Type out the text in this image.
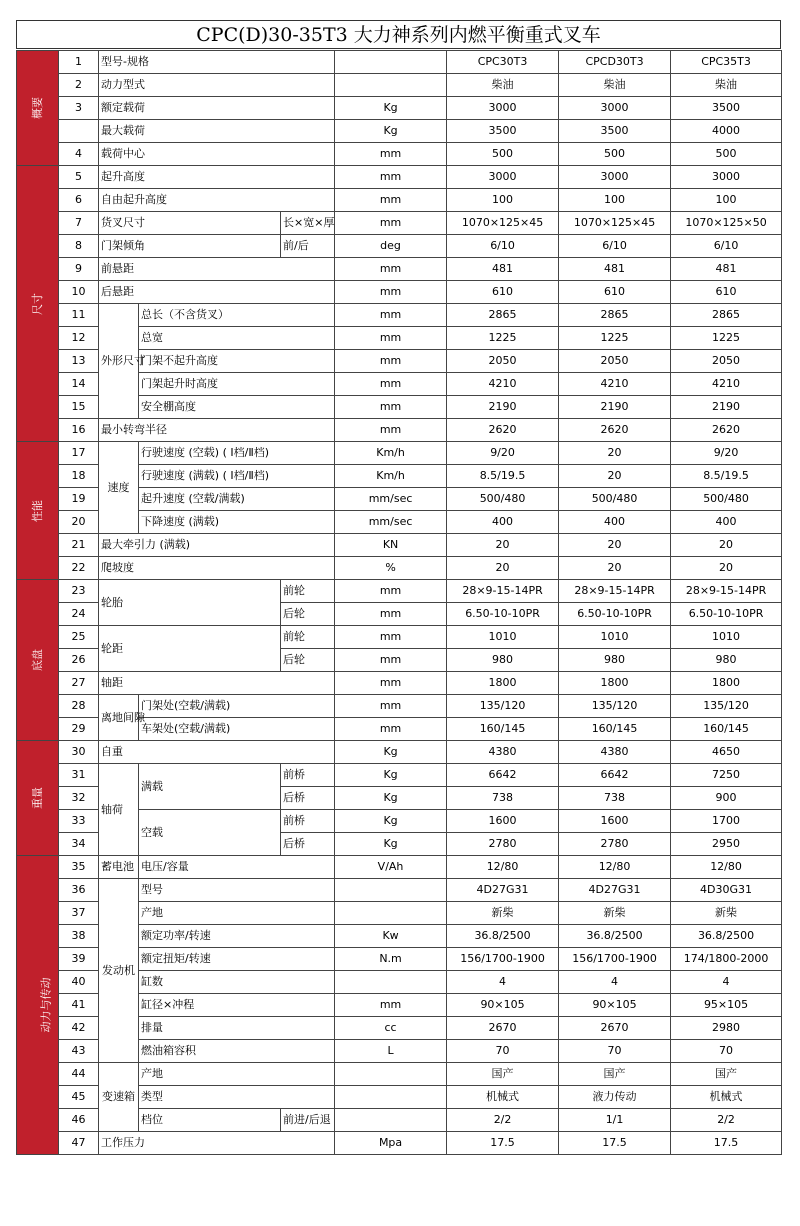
CPC(D)30-35T3 大力神系列内燃平衡重式叉车
概要	1	型号-规格				CPC30T3	CPCD30T3	CPC35T3	
	2	动力型式				柴油	柴油	柴油	
	3	额定载荷			Kg	3000	3000	3500	
		最大载荷			Kg	3500	3500	4000	
	4	载荷中心			mm	500	500	500	
尺寸	5	起升高度			mm	3000	3000	3000	
	6	自由起升高度			mm	100	100	100	
	7	货叉尺寸		长×宽×厚	mm	1070×125×45	1070×125×45	1070×125×50	
	8	门架倾角		前/后	deg	6/10	6/10	6/10	
	9	前悬距			mm	481	481	481	
	10	后悬距			mm	610	610	610	
	11	外形尺寸	总长（不含货叉）		mm	2865	2865	2865	
	12		总宽		mm	1225	1225	1225	
	13		门架不起升高度		mm	2050	2050	2050	
	14		门架起升时高度		mm	4210	4210	4210	
	15		安全棚高度		mm	2190	2190	2190	
	16	最小转弯半径			mm	2620	2620	2620	
性能	17	速度	行驶速度 (空载) ( Ⅰ档/Ⅱ档)		Km/h	9/20	20	9/20	
	18		行驶速度 (满载) ( Ⅰ档/Ⅱ档)		Km/h	8.5/19.5	20	8.5/19.5	
	19		起升速度 (空载/满载)		mm/sec	500/480	500/480	500/480	
	20		下降速度 (满载)		mm/sec	400	400	400	
	21	最大牵引力 (满载)			KN	20	20	20	
	22	爬坡度			%	20	20	20	
底盘	23	轮胎		前轮	mm	28×9-15-14PR	28×9-15-14PR	28×9-15-14PR	
	24			后轮	mm	6.50-10-10PR	6.50-10-10PR	6.50-10-10PR	
	25	轮距		前轮	mm	1010	1010	1010	
	26			后轮	mm	980	980	980	
	27	轴距			mm	1800	1800	1800	
	28	离地间隙	门架处(空载/满载)		mm	135/120	135/120	135/120	
	29		车架处(空载/满载)		mm	160/145	160/145	160/145	
重量	30	自重			Kg	4380	4380	4650	
	31	轴荷	满载	前桥	Kg	6642	6642	7250	
	32			后桥	Kg	738	738	900	
	33		空载	前桥	Kg	1600	1600	1700	
	34			后桥	Kg	2780	2780	2950	
动力与传动	35	蓄电池	电压/容量		V/Ah	12/80	12/80	12/80	
	36	发动机	型号			4D27G31	4D27G31	4D30G31	
	37		产地			新柴	新柴	新柴	
	38		额定功率/转速		Kw	36.8/2500	36.8/2500	36.8/2500	
	39		额定扭矩/转速		N.m	156/1700-1900	156/1700-1900	174/1800-2000	
	40		缸数			4	4	4	
	41		缸径×冲程		mm	90×105	90×105	95×105	
	42		排量		cc	2670	2670	2980	
	43		燃油箱容积		L	70	70	70	
	44	变速箱	产地			国产	国产	国产	
	45		类型			机械式	液力传动	机械式	
	46		档位	前进/后退		2/2	1/1	2/2	
	47	工作压力			Mpa	17.5	17.5	17.5	
